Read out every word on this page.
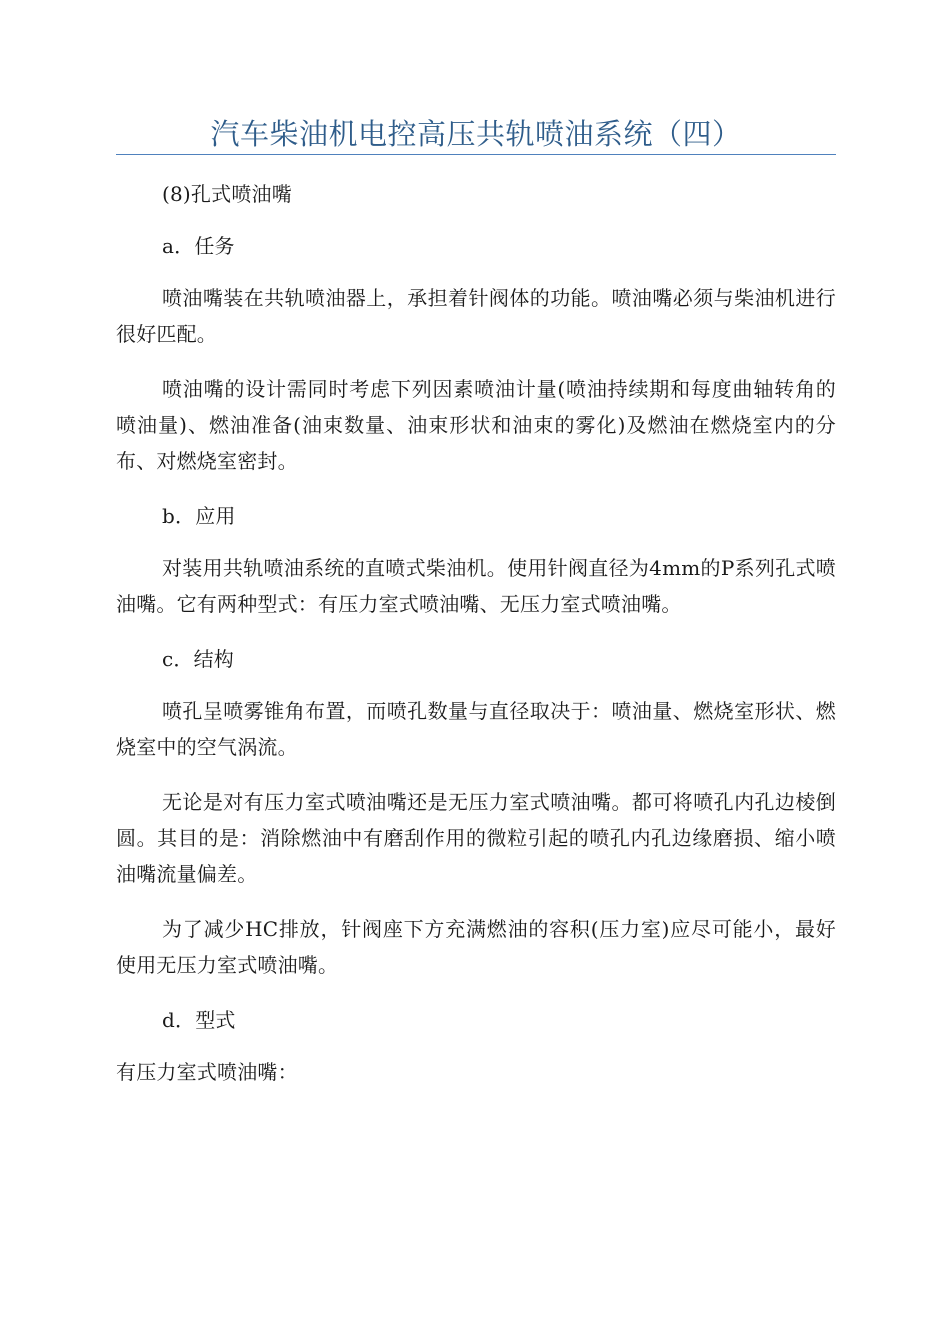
汽车柴油机电控高压共轨喷油系统（四）

(8)孔式喷油嘴

a．任务

喷油嘴装在共轨喷油器上，承担着针阀体的功能。喷油嘴必须与柴油机进行很好匹配。

喷油嘴的设计需同时考虑下列因素喷油计量(喷油持续期和每度曲轴转角的喷油量)、燃油准备(油束数量、油束形状和油束的雾化)及燃油在燃烧室内的分布、对燃烧室密封。

b．应用

对装用共轨喷油系统的直喷式柴油机。使用针阀直径为4mm的P系列孔式喷油嘴。它有两种型式：有压力室式喷油嘴、无压力室式喷油嘴。

c．结构

喷孔呈喷雾锥角布置，而喷孔数量与直径取决于：喷油量、燃烧室形状、燃烧室中的空气涡流。

无论是对有压力室式喷油嘴还是无压力室式喷油嘴。都可将喷孔内孔边棱倒圆。其目的是：消除燃油中有磨刮作用的微粒引起的喷孔内孔边缘磨损、缩小喷油嘴流量偏差。

为了减少HC排放，针阀座下方充满燃油的容积(压力室)应尽可能小，最好使用无压力室式喷油嘴。

d．型式

有压力室式喷油嘴：
